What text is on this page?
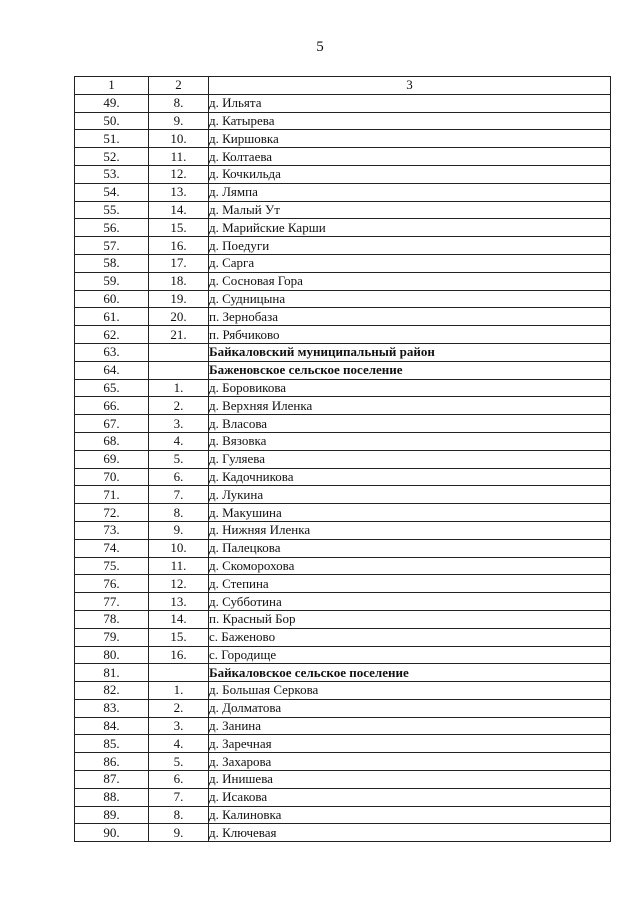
5
1	2	3
49.	8.	д. Ильята
50.	9.	д. Катырева
51.	10.	д. Киршовка
52.	11.	д. Колтаева
53.	12.	д. Кочкильда
54.	13.	д. Лямпа
55.	14.	д. Малый Ут
56.	15.	д. Марийские Карши
57.	16.	д. Поедуги
58.	17.	д. Сарга
59.	18.	д. Сосновая Гора
60.	19.	д. Судницына
61.	20.	п. Зернобаза
62.	21.	п. Рябчиково
63.		Байкаловский муниципальный район
64.		Баженовское сельское поселение
65.	1.	д. Боровикова
66.	2.	д. Верхняя Иленка
67.	3.	д. Власова
68.	4.	д. Вязовка
69.	5.	д. Гуляева
70.	6.	д. Кадочникова
71.	7.	д. Лукина
72.	8.	д. Макушина
73.	9.	д. Нижняя Иленка
74.	10.	д. Палецкова
75.	11.	д. Скоморохова
76.	12.	д. Степина
77.	13.	д. Субботина
78.	14.	п. Красный Бор
79.	15.	с. Баженово
80.	16.	с. Городище
81.		Байкаловское сельское поселение
82.	1.	д. Большая Серкова
83.	2.	д. Долматова
84.	3.	д. Занина
85.	4.	д. Заречная
86.	5.	д. Захарова
87.	6.	д. Инишева
88.	7.	д. Исакова
89.	8.	д. Калиновка
90.	9.	д. Ключевая
